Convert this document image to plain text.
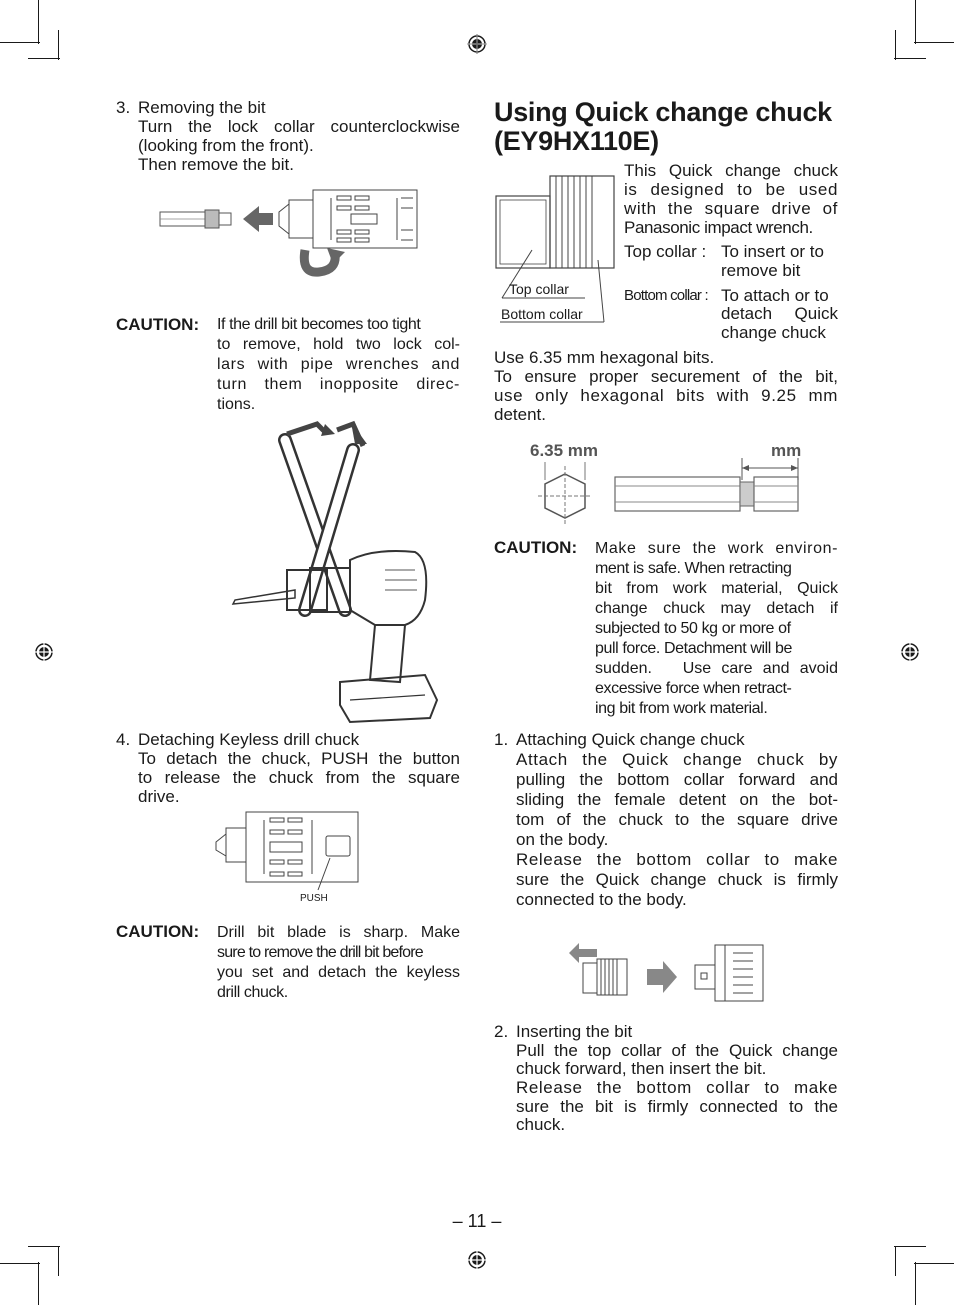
3. Removing the bit
Turn the lock collar counterclockwise
(looking from the front).
Then remove the bit.
CAUTION: If the drill bit becomes too tight
to remove, hold two lock col-
lars with pipe wrenches and
turn them inopposite direc-
tions.
4. Detaching Keyless drill chuck
To detach the chuck, PUSH the button
to release the chuck from the square
drive.
PUSH
CAUTION: Drill bit blade is sharp. Make
sure to remove the drill bit before
you set and detach the keyless
drill chuck.
Using Quick change chuck
(EY9HX110E)
Top collar
Bottom collar
This Quick change chuck
is designed to be used
with the square drive of
Panasonic impact wrench.
Top collar : To insert or to
remove bit
Bottom collar : To attach or to
detach Quick
change chuck
Use 6.35 mm hexagonal bits.
To ensure proper securement of the bit,
use only hexagonal bits with 9.25 mm
detent.
6.35 mm	mm
CAUTION: Make sure the work environ-
ment is safe. When retracting
bit from work material, Quick
change chuck may detach if
subjected to 50 kg or more of
pull force. Detachment will be
sudden.   Use care and avoid
excessive force when retract-
ing bit from work material.
1. Attaching Quick change chuck
Attach the Quick change chuck by
pulling the bottom collar forward and
sliding the female detent on the bot-
tom of the chuck to the square drive
on the body.
Release the bottom collar to make
sure the Quick change chuck is firmly
connected to the body.
2. Inserting the bit
Pull the top collar of the Quick change
chuck forward, then insert the bit.
Release the bottom collar to make
sure the bit is firmly connected to the
chuck.
– 11 –
